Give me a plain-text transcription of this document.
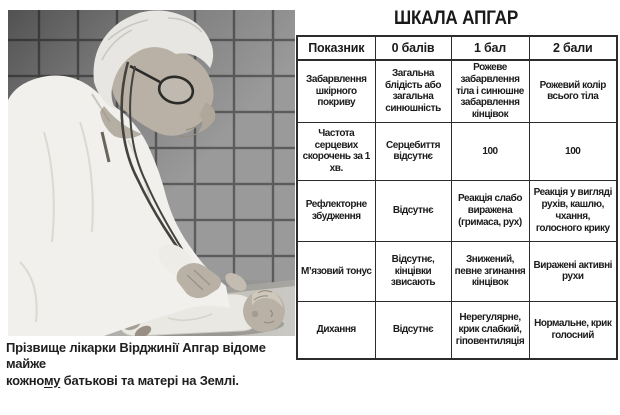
Прізвище лікарки Вірджинії Апгар відоме майже
кожному батькові та матері на Землі.
ШКАЛА АПГАР
Показник	0 балів	1 бал	2 бали
Забарвлення шкірного покриву	Загальна блідість або загальна синюшність	Рожеве забарвлення тіла і синюшне забарвлення кінцівок	Рожевий колір всього тіла
Частота серцевих скорочень за 1 хв.	Серцебиття відсутнє	100	100
Рефлекторне збудження	Відсутнє	Реакція слабо виражена (гримаса, рух)	Реакція у вигляді рухів, кашлю, чхання, голосного крику
М’язовий тонус	Відсутнє, кінцівки звисають	Знижений, певне згинання кінцівок	Виражені активні рухи
Дихання	Відсутнє	Нерегулярне, крик слабкий, гіповентиляція	Нормальне, крик голосний
